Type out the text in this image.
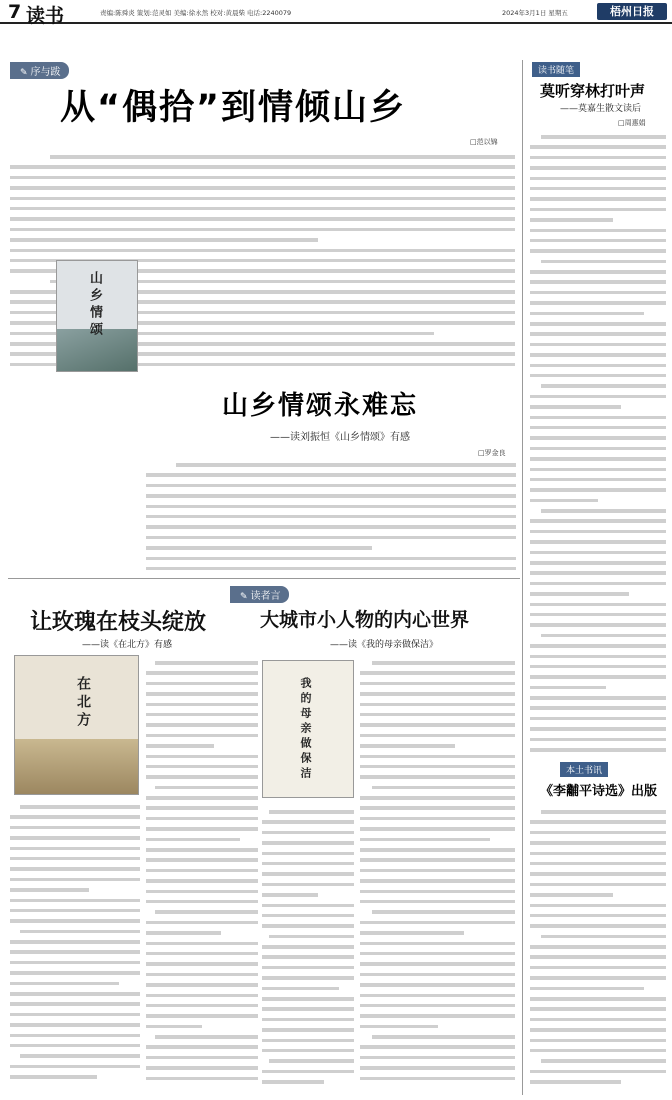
7 读书	责编:陈舜炎 策划:范灵如 美编:徐永然 校对:黄晨柴 电话:2240079	2024年3月1日 星期五	梧州日报
✎ 序与跋
从“偶拾”到情倾山乡
□范以锦
山乡情颂
山乡情颂永难忘
——读刘振恒《山乡情颂》有感
□罗金良
读书随笔
莫听穿林打叶声
——莫嘉生散文读后
□周惠娟
✎ 读者言
让玫瑰在枝头绽放
——读《在北方》有感
大城市小人物的内心世界
——读《我的母亲做保洁》
在北方	我的母亲做保洁	本土书讯
《李黼平诗选》出版
